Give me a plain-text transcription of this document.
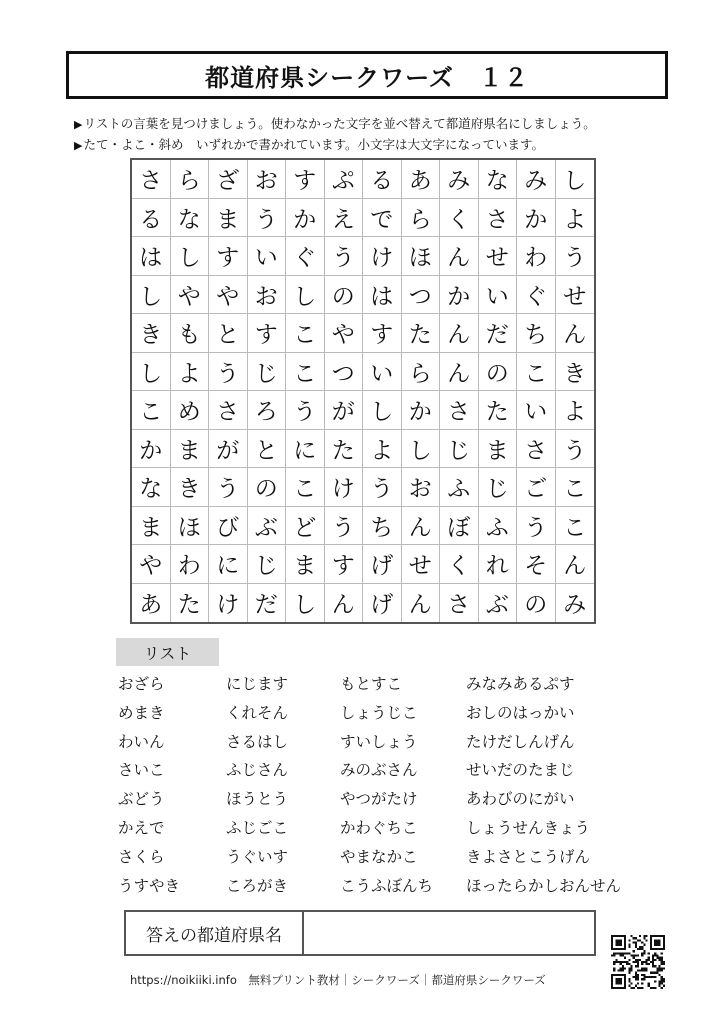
都道府県シークワーズ　１２
▶リストの言葉を見つけましょう。使わなかった文字を並べ替えて都道府県名にしましょう。
▶たて・よこ・斜め　いずれかで書かれています。小文字は大文字になっています。
さ ら ざ お す ぷ る あ み な み し
る な ま う か え で ら く さ か よ
は し す い ぐ う け ほ ん せ わ う
し や や お し の は つ か い ぐ せ
き も と す こ や す た ん だ ち ん
し よ う じ こ つ い ら ん の こ き
こ め さ ろ う が し か さ た い よ
か ま が と に た よ し じ ま さ う
な き う の こ け う お ふ じ ご こ
ま ほ び ぶ ど う ち ん ぼ ふ う こ
や わ に じ ま す げ せ く れ そ ん
あ た け だ し ん げ ん さ ぶ の み
リスト
おざら
めまき
わいん
さいこ
ぶどう
かえで
さくら
うすやき
にじます
くれそん
さるはし
ふじさん
ほうとう
ふじごこ
うぐいす
ころがき
もとすこ
しょうじこ
すいしょう
みのぶさん
やつがたけ
かわぐちこ
やまなかこ
こうふぼんち
みなみあるぷす
おしのはっかい
たけだしんげん
せいだのたまじ
あわびのにがい
しょうせんきょう
きよさとこうげん
ほったらかしおんせん
答えの都道府県名
https://noikiiki.info　無料プリント教材｜シークワーズ｜都道府県シークワーズ
